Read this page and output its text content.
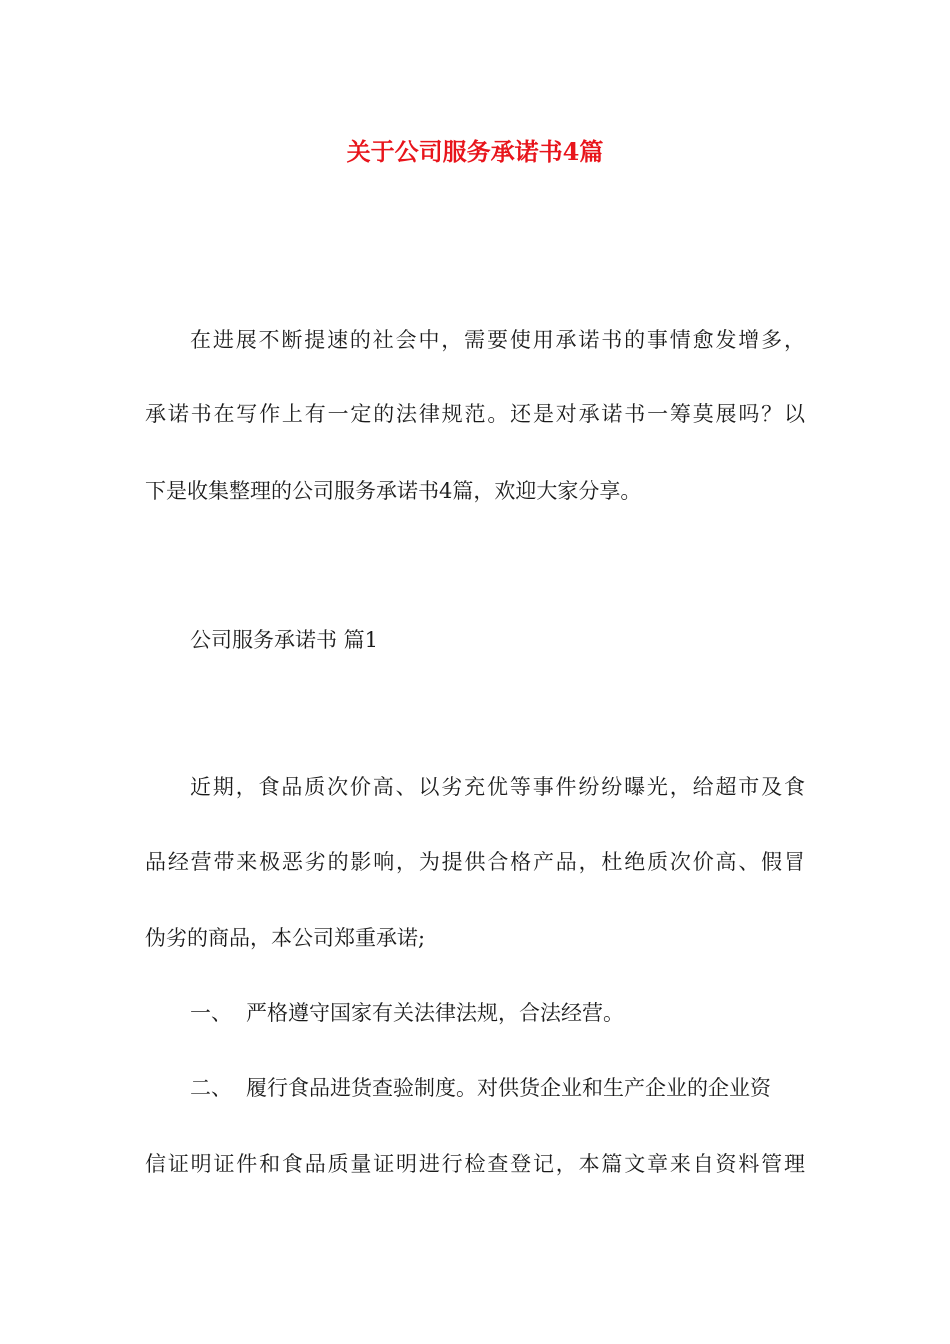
关于公司服务承诺书4篇
在进展不断提速的社会中，需要使用承诺书的事情愈发增多，
承诺书在写作上有一定的法律规范。还是对承诺书一筹莫展吗？以
下是收集整理的公司服务承诺书4篇，欢迎大家分享。
公司服务承诺书 篇1
近期，食品质次价高、以劣充优等事件纷纷曝光，给超市及食
品经营带来极恶劣的影响，为提供合格产品，杜绝质次价高、假冒
伪劣的商品，本公司郑重承诺;
一、 严格遵守国家有关法律法规，合法经营。
二、 履行食品进货查验制度。对供货企业和生产企业的企业资
信证明证件和食品质量证明进行检查登记，本篇文章来自资料管理
